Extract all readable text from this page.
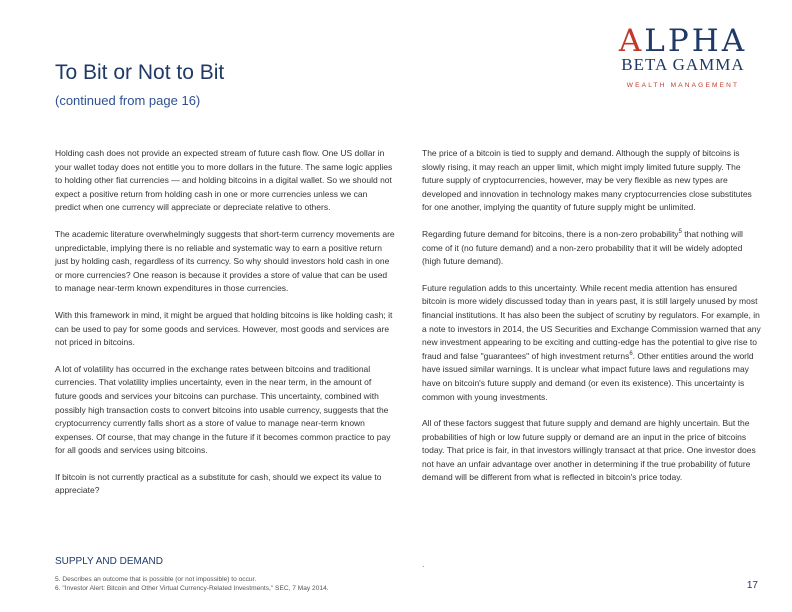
To Bit or Not to Bit
(continued from page 16)
ALPHA
BETA GAMMA
WEALTH MANAGEMENT

Holding cash does not provide an expected stream of future cash flow. One US dollar in your wallet today does not entitle you to more dollars in the future. The same logic applies to holding other fiat currencies — and holding bitcoins in a digital wallet. So we should not expect a positive return from holding cash in one or more currencies unless we can predict when one currency will appreciate or depreciate relative to others.

The academic literature overwhelmingly suggests that short-term currency movements are unpredictable, implying there is no reliable and systematic way to earn a positive return just by holding cash, regardless of its currency. So why should investors hold cash in one or more currencies? One reason is because it provides a store of value that can be used to manage near-term known expenditures in those currencies.

With this framework in mind, it might be argued that holding bitcoins is like holding cash; it can be used to pay for some goods and services. However, most goods and services are not priced in bitcoins.

A lot of volatility has occurred in the exchange rates between bitcoins and traditional currencies. That volatility implies uncertainty, even in the near term, in the amount of future goods and services your bitcoins can purchase. This uncertainty, combined with possibly high transaction costs to convert bitcoins into usable currency, suggests that the cryptocurrency currently falls short as a store of value to manage near-term known expenses. Of course, that may change in the future if it becomes common practice to pay for all goods and services using bitcoins.

If bitcoin is not currently practical as a substitute for cash, should we expect its value to appreciate?

The price of a bitcoin is tied to supply and demand. Although the supply of bitcoins is slowly rising, it may reach an upper limit, which might imply limited future supply. The future supply of cryptocurrencies, however, may be very flexible as new types are developed and innovation in technology makes many cryptocurrencies close substitutes for one another, implying the quantity of future supply might be unlimited.

Regarding future demand for bitcoins, there is a non-zero probability$^5$ that nothing will come of it (no future demand) and a non-zero probability that it will be widely adopted (high future demand).

Future regulation adds to this uncertainty. While recent media attention has ensured bitcoin is more widely discussed today than in years past, it is still largely unused by most financial institutions. It has also been the subject of scrutiny by regulators. For example, in a note to investors in 2014, the US Securities and Exchange Commission warned that any new investment appearing to be exciting and cutting-edge has the potential to give rise to fraud and false "guarantees" of high investment returns$^6$. Other entities around the world have issued similar warnings. It is unclear what impact future laws and regulations may have on bitcoin's future supply and demand (or even its existence). This uncertainty is common with young investments.

All of these factors suggest that future supply and demand are highly uncertain. But the probabilities of high or low future supply or demand are an input in the price of bitcoins today. That price is fair, in that investors willingly transact at that price. One investor does not have an unfair advantage over another in determining if the true probability of future demand will be different from what is reflected in bitcoin's price today.

SUPPLY AND DEMAND	.
5. Describes an outcome that is possible (or not impossible) to occur.
6. "Investor Alert: Bitcoin and Other Virtual Currency-Related Investments," SEC, 7 May 2014.	17
